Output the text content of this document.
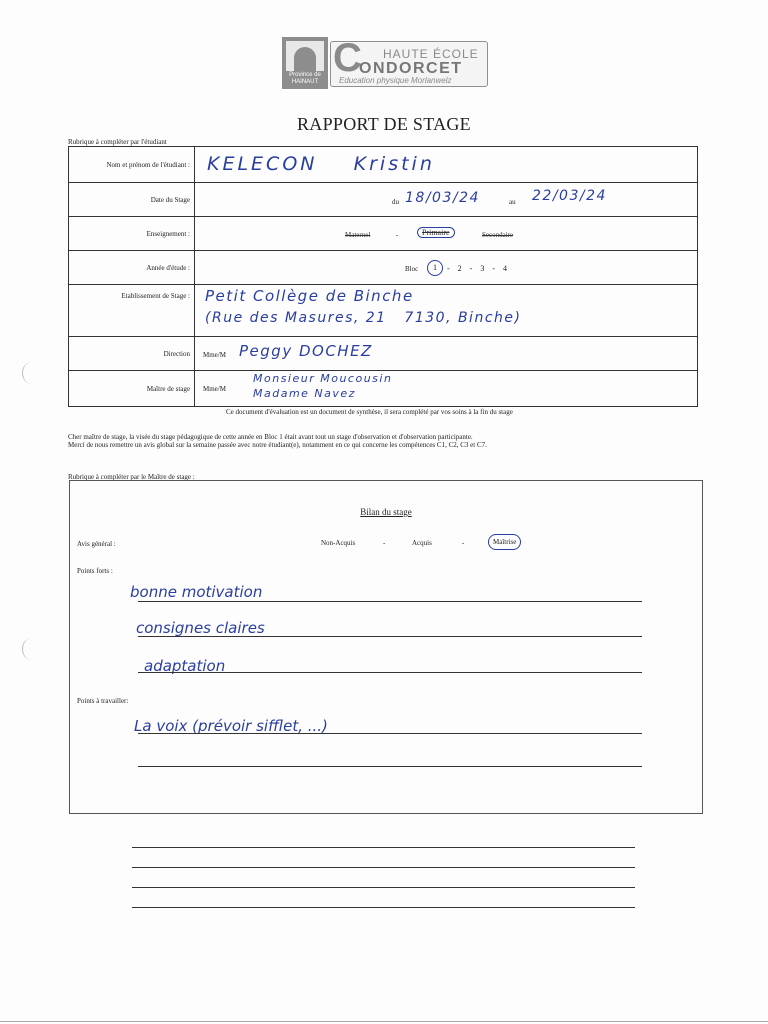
Province de HAINAUT
HAUTE ÉCOLE
C
ONDORCET
Education physique Morlanwelz
RAPPORT DE STAGE
Rubrique à compléter par l'étudiant
Nom et prénom de l'étudiant : KELECON    Kristin
Date du Stage	du 18/03/24	au 22/03/24
Enseignement :	Maternel	-	Primaire	Secondaire
Année d'étude :	Bloc	1	- 2 - 3 - 4
Etablissement de Stage :	Petit Collège de Binche
(Rue des Masures, 21   7130, Binche)
Direction	Mme/M Peggy DOCHEZ
Maître de stage	Mme/M
Monsieur Moucousin
Madame Navez
Ce document d'évaluation est un document de synthèse, il sera complété par vos soins à la fin du stage
Cher maître de stage, la visée du stage pédagogique de cette année en Bloc 1 était avant tout un stage d'observation et d'observation participante.
Merci de nous remettre un avis global sur la semaine passée avec notre étudiant(e), notamment en ce qui concerne les compétences C1, C2, C3 et C7.
Rubrique à compléter par le Maître de stage :
Bilan du stage
Avis général :	Non-Acquis	-	Acquis	-	Maîtrise
Points forts :
bonne motivation
consignes claires
adaptation
Points à travailler:
La voix (prévoir sifflet, ...)
